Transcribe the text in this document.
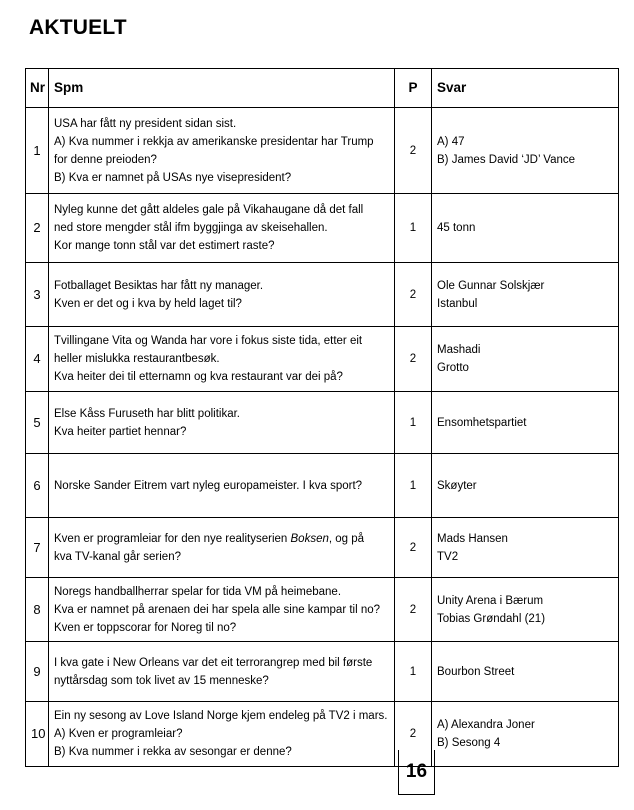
AKTUELT
Nr	Spm	P	Svar
1	USA har fått ny president sidan sist.
A) Kva nummer i rekkja av amerikanske presidentar har Trump
for denne preioden?
B) Kva er namnet på USAs nye visepresident?	2	A) 47
B) James David ‘JD’ Vance

2	Nyleg kunne det gått aldeles gale på Vikahaugane då det fall
ned store mengder stål ifm byggjinga av skeisehallen.
Kor mange tonn stål var det estimert raste?	1	45 tonn

3	Fotballaget Besiktas har fått ny manager.
Kven er det og i kva by held laget til?	2	Ole Gunnar Solskjær
Istanbul

4	Tvillingane Vita og Wanda har vore i fokus siste tida, etter eit
heller mislukka restaurantbesøk.
Kva heiter dei til etternamn og kva restaurant var dei på?	2	Mashadi
Grotto

5	Else Kåss Furuseth har blitt politikar.
Kva heiter partiet hennar?	1	Ensomhetspartiet

6	Norske Sander Eitrem vart nyleg europameister. I kva sport?	1	Skøyter

7	Kven er programleiar for den nye realityserien Boksen, og på
kva TV-kanal går serien?	2	Mads Hansen
TV2

8	Noregs handballherrar spelar for tida VM på heimebane.
Kva er namnet på arenaen dei har spela alle sine kampar til no?
Kven er toppscorar for Noreg til no?	2	Unity Arena i Bærum
Tobias Grøndahl (21)

9	I kva gate i New Orleans var det eit terrorangrep med bil første
nyttårsdag som tok livet av 15 menneske?	1	Bourbon Street

10	Ein ny sesong av Love Island Norge kjem endeleg på TV2 i mars.
A) Kven er programleiar?
B) Kva nummer i rekka av sesongar er denne?	2	A) Alexandra Joner
B) Sesong 4
16
